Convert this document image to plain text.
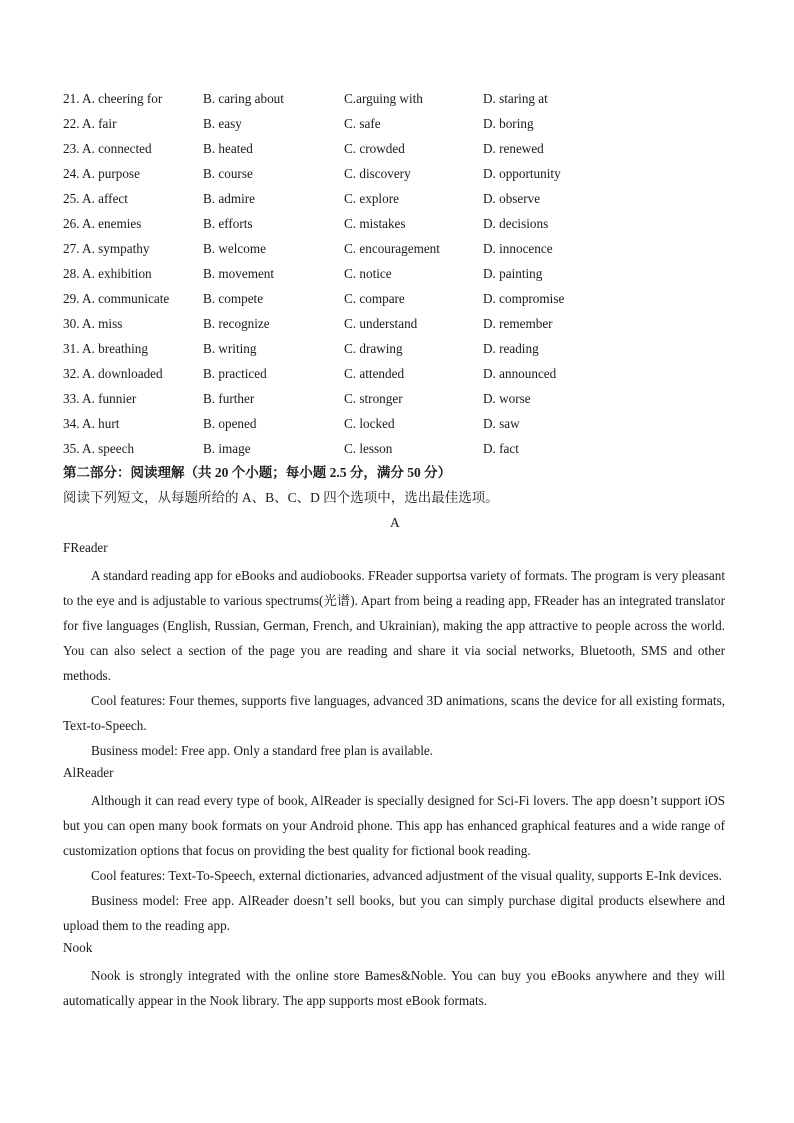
21. A. cheering for	B. caring about	C.arguing with	D. staring at
22. A. fair	B. easy	C. safe	D. boring
23. A. connected	B. heated	C. crowded	D. renewed
24. A. purpose	B. course	C. discovery	D. opportunity
25. A. affect	B. admire	C. explore	D. observe
26. A. enemies	B. efforts	C. mistakes	D. decisions
27. A. sympathy	B. welcome	C. encouragement	D. innocence
28. A. exhibition	B. movement	C. notice	D. painting
29. A. communicate	B. compete	C. compare	D. compromise
30. A. miss	B. recognize	C. understand	D. remember
31. A. breathing	B. writing	C. drawing	D. reading
32. A. downloaded	B. practiced	C. attended	D. announced
33. A. funnier	B. further	C. stronger	D. worse
34. A. hurt	B. opened	C. locked	D. saw
35. A. speech	B. image	C. lesson	D. fact
第二部分：阅读理解（共 20 个小题；每小题 2.5 分，满分 50 分）
阅读下列短文，从每题所给的 A、B、C、D 四个选项中，选出最佳选项。
A
FReader

A standard reading app for eBooks and audiobooks. FReader supportsa variety of formats. The program is very pleasant to the eye and is adjustable to various spectrums(光谱). Apart from being a reading app, FReader has an integrated translator for five languages (English, Russian, German, French, and Ukrainian), making the app attractive to people across the world. You can also select a section of the page you are reading and share it via social networks, Bluetooth, SMS and other methods.

Cool features: Four themes, supports five languages, advanced 3D animations, scans the device for all existing formats, Text-to-Speech.

Business model: Free app. Only a standard free plan is available.

AlReader

Although it can read every type of book, AlReader is specially designed for Sci-Fi lovers. The app doesn’t support iOS but you can open many book formats on your Android phone. This app has enhanced graphical features and a wide range of customization options that focus on providing the best quality for fictional book reading.

Cool features: Text-To-Speech, external dictionaries, advanced adjustment of the visual quality, supports E-Ink devices.

Business model: Free app. AlReader doesn’t sell books, but you can simply purchase digital products elsewhere and upload them to the reading app.

Nook

Nook is strongly integrated with the online store Bames&Noble. You can buy you eBooks anywhere and they will automatically appear in the Nook library. The app supports most eBook formats.
